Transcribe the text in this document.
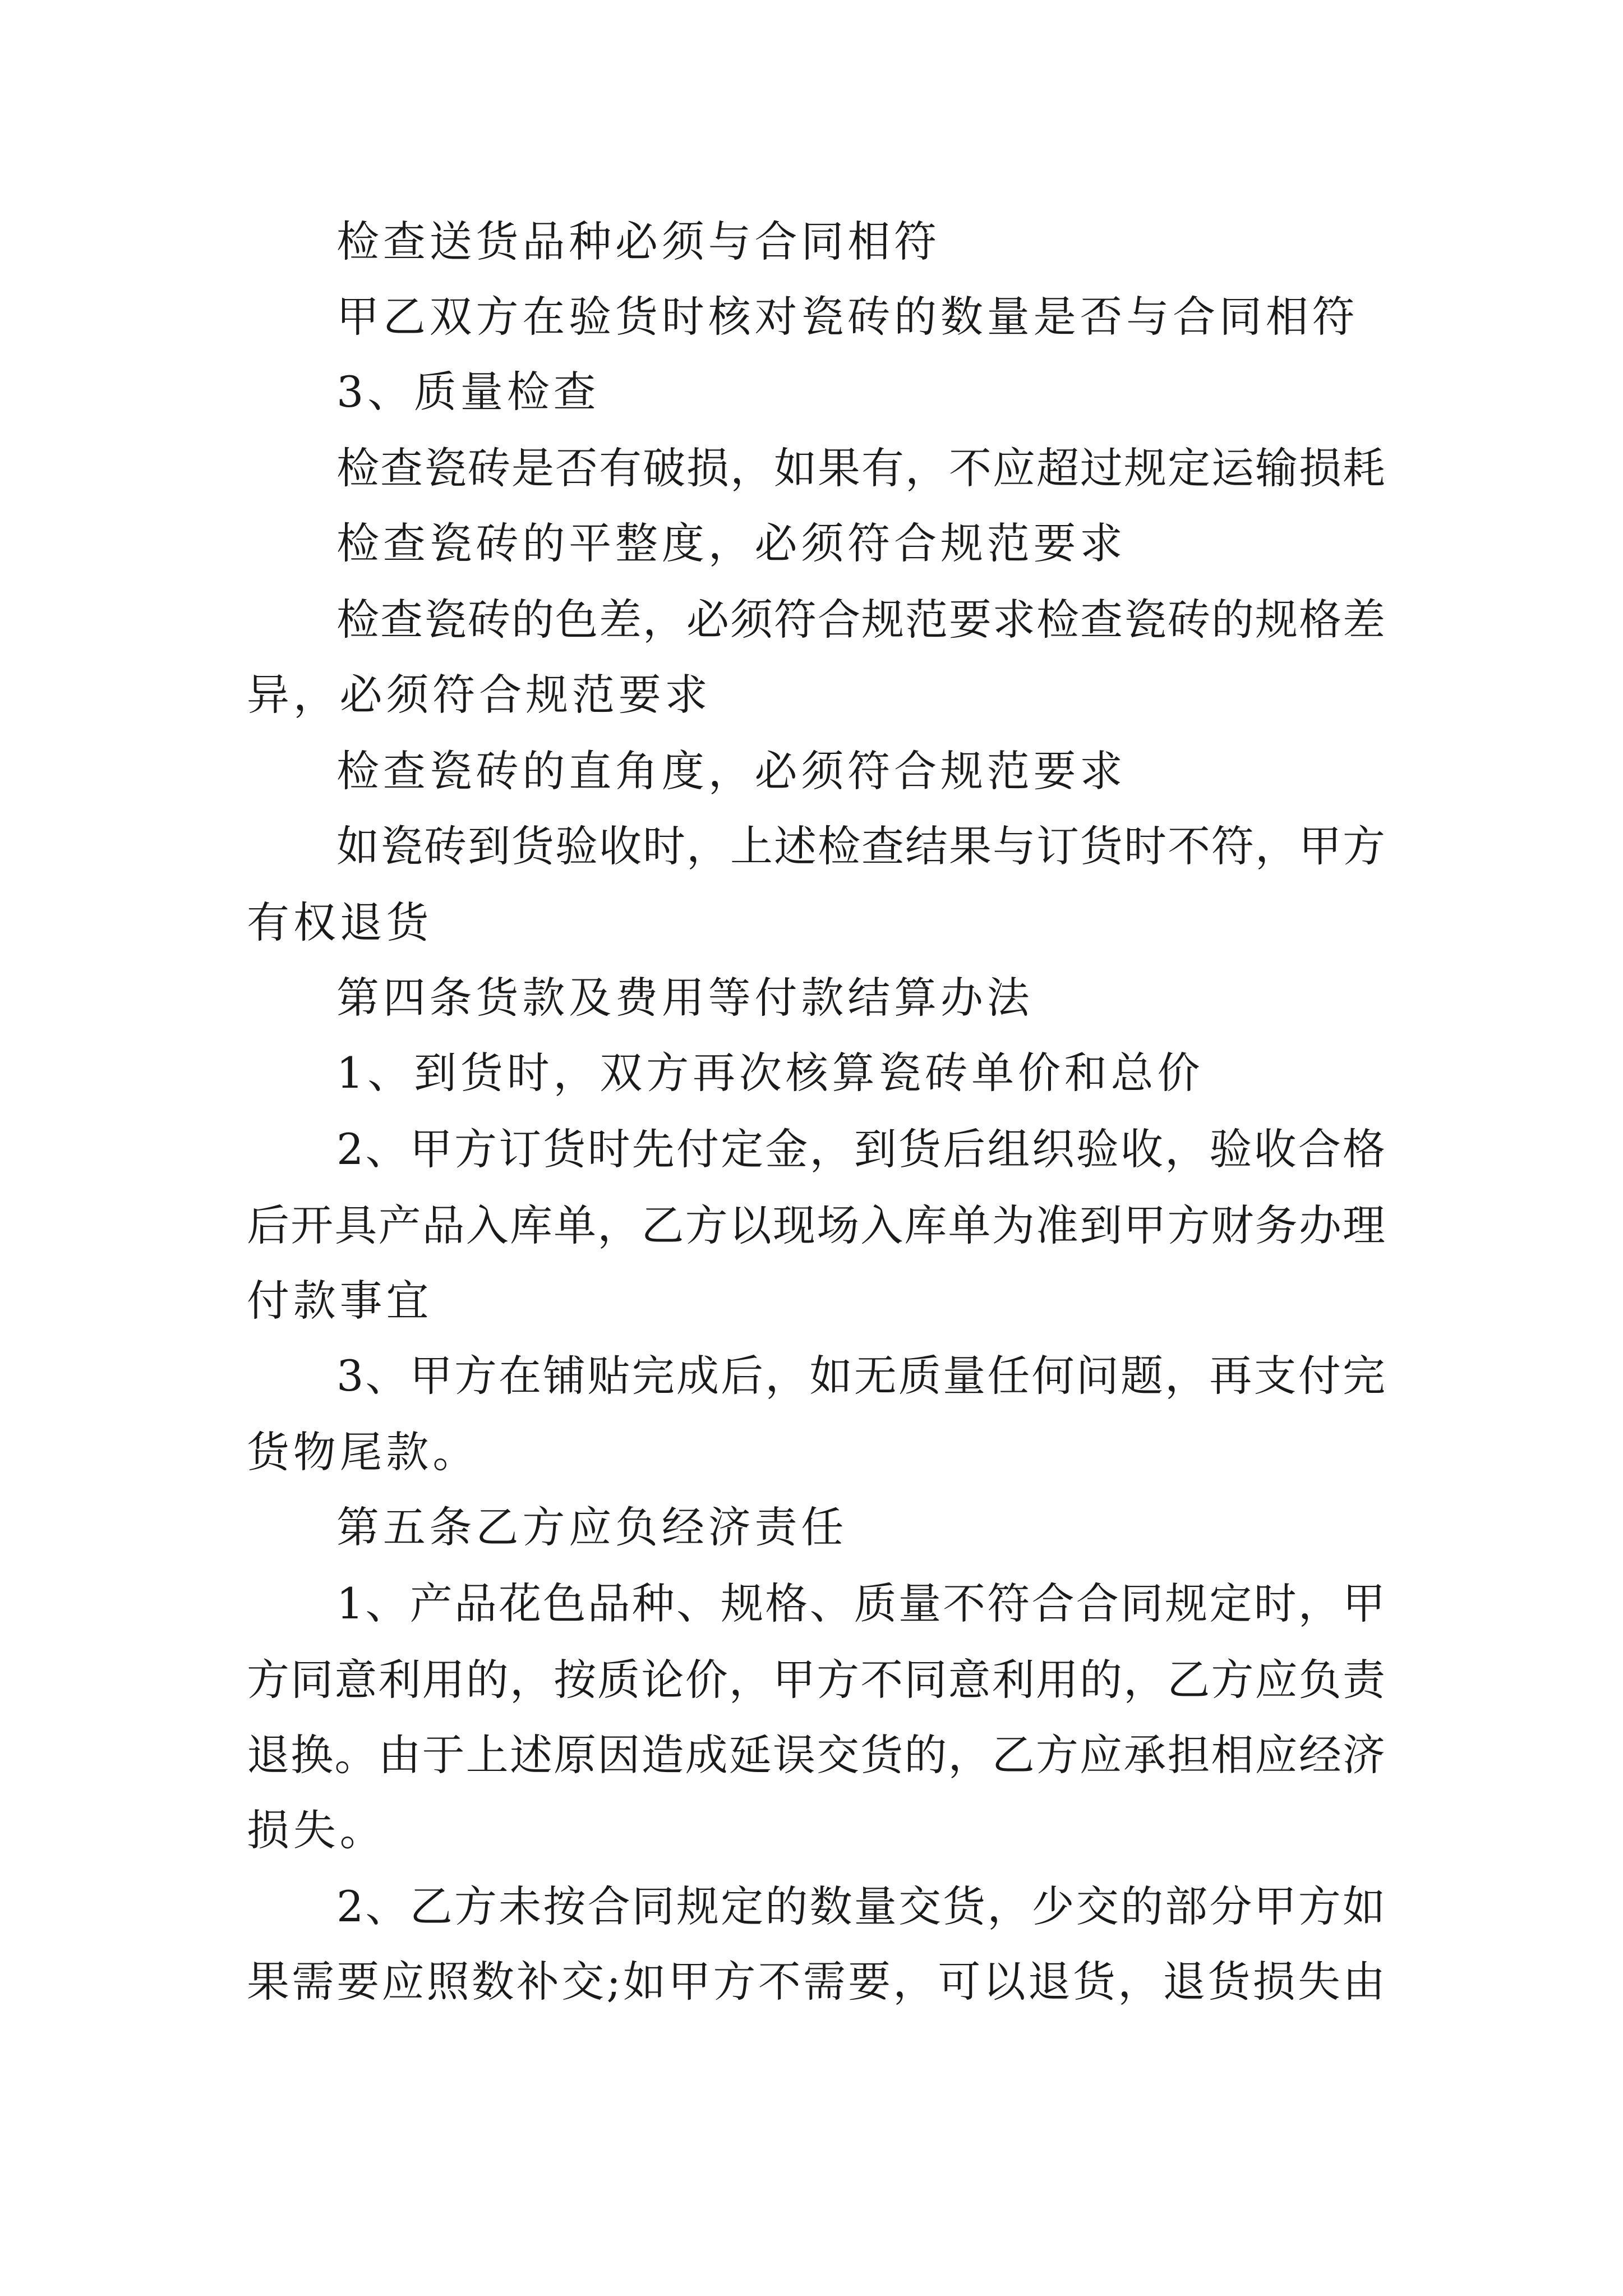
检查送货品种必须与合同相符

甲乙双方在验货时核对瓷砖的数量是否与合同相符

3、质量检查

检查瓷砖是否有破损，如果有，不应超过规定运输损耗

检查瓷砖的平整度，必须符合规范要求

检查瓷砖的色差，必须符合规范要求检查瓷砖的规格差

异，必须符合规范要求

检查瓷砖的直角度，必须符合规范要求

如瓷砖到货验收时，上述检查结果与订货时不符，甲方

有权退货

第四条货款及费用等付款结算办法

1、到货时，双方再次核算瓷砖单价和总价

2、甲方订货时先付定金，到货后组织验收，验收合格

后开具产品入库单，乙方以现场入库单为准到甲方财务办理

付款事宜

3、甲方在铺贴完成后，如无质量任何问题，再支付完

货物尾款。

第五条乙方应负经济责任

1、产品花色品种、规格、质量不符合合同规定时，甲

方同意利用的，按质论价，甲方不同意利用的，乙方应负责

退换。由于上述原因造成延误交货的，乙方应承担相应经济

损失。

2、乙方未按合同规定的数量交货，少交的部分甲方如

果需要应照数补交;如甲方不需要，可以退货，退货损失由
